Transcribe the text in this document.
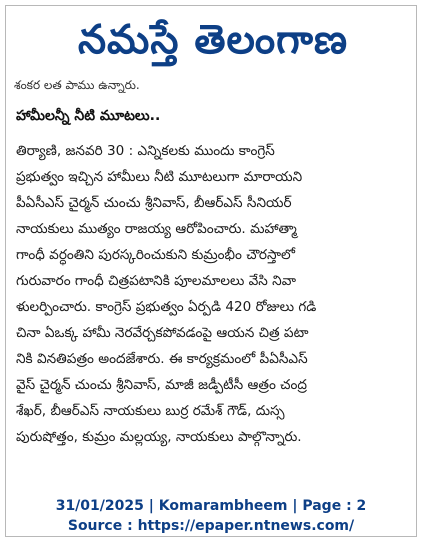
నమస్తే తెలంగాణ
శంకర లత పాము ఉన్నారు.
హామీలన్నీ నీటి మూటలు..
తిర్యాణి, జనవరి 30 : ఎన్నికలకు ముందు కాంగ్రెస్
ప్రభుత్వం ఇచ్చిన హామీలు నీటి మూటలుగా మారాయని
పీఏసీఎస్ చైర్మన్ చుంచు శ్రీనివాస్, బీఆర్ఎస్ సీనియర్
నాయకులు ముత్యం రాజయ్య ఆరోపించారు. మహాత్మా
గాంధీ వర్ధంతిని పురస్కరించుకుని కుమ్రంభీం చౌరస్తాలో
గురువారం గాంధీ చిత్రపటానికి పూలమాలలు వేసి నివా
ళులర్పించారు. కాంగ్రెస్ ప్రభుత్వం ఏర్పడి 420 రోజులు గడి
చినా ఏఒక్క హామీ నెరవేర్చకపోవడంపై ఆయన చిత్ర పటా
నికి వినతిపత్రం అందజేశారు. ఈ కార్యక్రమంలో పీఏసీఎస్
వైస్ చైర్మన్ చుంచు శ్రీనివాస్, మాజీ జడ్పీటీసీ ఆత్రం చంద్ర
శేఖర్, బీఆర్ఎస్ నాయకులు బుర్ర రమేశ్ గౌడ్, దుస్స
పురుషోత్తం, కుమ్రం మల్లయ్య, నాయకులు పాల్గొన్నారు.
31/01/2025 | Komarambheem | Page : 2
Source : https://epaper.ntnews.com/
